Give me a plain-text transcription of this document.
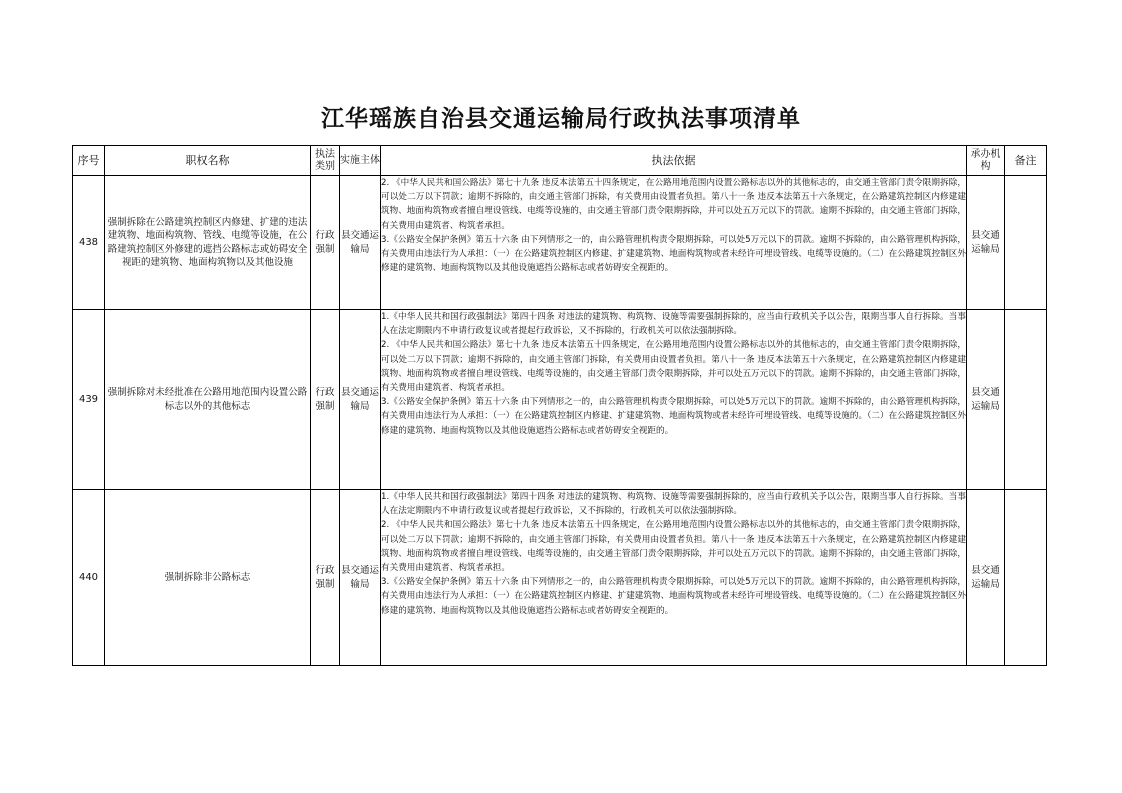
江华瑶族自治县交通运输局行政执法事项清单
序号	职权名称	执法类别	实施主体	执法依据	承办机构	备注
438	强制拆除在公路建筑控制区内修建、扩建的违法建筑物、地面构筑物、管线、电缆等设施，在公路建筑控制区外修建的遮挡公路标志或妨碍安全视距的建筑物、地面构筑物以及其他设施	行政强制	县交通运输局	2. 《中华人民共和国公路法》第七十九条 违反本法第五十四条规定，在公路用地范围内设置公路标志以外的其他标志的，由交通主管部门责令限期拆除，可以处二万以下罚款；逾期不拆除的，由交通主管部门拆除，有关费用由设置者负担。第八十一条 违反本法第五十六条规定，在公路建筑控制区内修建建筑物、地面构筑物或者擅自埋设管线、电缆等设施的，由交通主管部门责令限期拆除，并可以处五万元以下的罚款。逾期不拆除的，由交通主管部门拆除，有关费用由建筑者、构筑者承担。
3.《公路安全保护条例》第五十六条 由下列情形之一的，由公路管理机构责令限期拆除，可以处5万元以下的罚款。逾期不拆除的，由公路管理机构拆除，有关费用由违法行为人承担：（一）在公路建筑控制区内修建、扩建建筑物、地面构筑物或者未经许可埋设管线、电缆等设施的。（二）在公路建筑控制区外修建的建筑物、地面构筑物以及其他设施遮挡公路标志或者妨碍安全视距的。	县交通运输局	
439	强制拆除对未经批准在公路用地范围内设置公路标志以外的其他标志	行政强制	县交通运输局	1.《中华人民共和国行政强制法》第四十四条 对违法的建筑物、构筑物、设施等需要强制拆除的，应当由行政机关予以公告，限期当事人自行拆除。当事人在法定期限内不申请行政复议或者提起行政诉讼，又不拆除的，行政机关可以依法强制拆除。
2. 《中华人民共和国公路法》第七十九条 违反本法第五十四条规定，在公路用地范围内设置公路标志以外的其他标志的，由交通主管部门责令限期拆除，可以处二万以下罚款；逾期不拆除的，由交通主管部门拆除，有关费用由设置者负担。第八十一条 违反本法第五十六条规定，在公路建筑控制区内修建建筑物、地面构筑物或者擅自埋设管线、电缆等设施的，由交通主管部门责令限期拆除，并可以处五万元以下的罚款。逾期不拆除的，由交通主管部门拆除，有关费用由建筑者、构筑者承担。
3.《公路安全保护条例》第五十六条 由下列情形之一的，由公路管理机构责令限期拆除，可以处5万元以下的罚款。逾期不拆除的，由公路管理机构拆除，有关费用由违法行为人承担：（一）在公路建筑控制区内修建、扩建建筑物、地面构筑物或者未经许可埋设管线、电缆等设施的。（二）在公路建筑控制区外修建的建筑物、地面构筑物以及其他设施遮挡公路标志或者妨碍安全视距的。	县交通运输局	
440	强制拆除非公路标志	行政强制	县交通运输局	1.《中华人民共和国行政强制法》第四十四条 对违法的建筑物、构筑物、设施等需要强制拆除的，应当由行政机关予以公告，限期当事人自行拆除。当事人在法定期限内不申请行政复议或者提起行政诉讼，又不拆除的，行政机关可以依法强制拆除。
2. 《中华人民共和国公路法》第七十九条 违反本法第五十四条规定，在公路用地范围内设置公路标志以外的其他标志的，由交通主管部门责令限期拆除，可以处二万以下罚款；逾期不拆除的，由交通主管部门拆除，有关费用由设置者负担。第八十一条 违反本法第五十六条规定，在公路建筑控制区内修建建筑物、地面构筑物或者擅自埋设管线、电缆等设施的，由交通主管部门责令限期拆除，并可以处五万元以下的罚款。逾期不拆除的，由交通主管部门拆除，有关费用由建筑者、构筑者承担。
3.《公路安全保护条例》第五十六条 由下列情形之一的，由公路管理机构责令限期拆除，可以处5万元以下的罚款。逾期不拆除的，由公路管理机构拆除，有关费用由违法行为人承担：（一）在公路建筑控制区内修建、扩建建筑物、地面构筑物或者未经许可埋设管线、电缆等设施的。（二）在公路建筑控制区外修建的建筑物、地面构筑物以及其他设施遮挡公路标志或者妨碍安全视距的。	县交通运输局	
